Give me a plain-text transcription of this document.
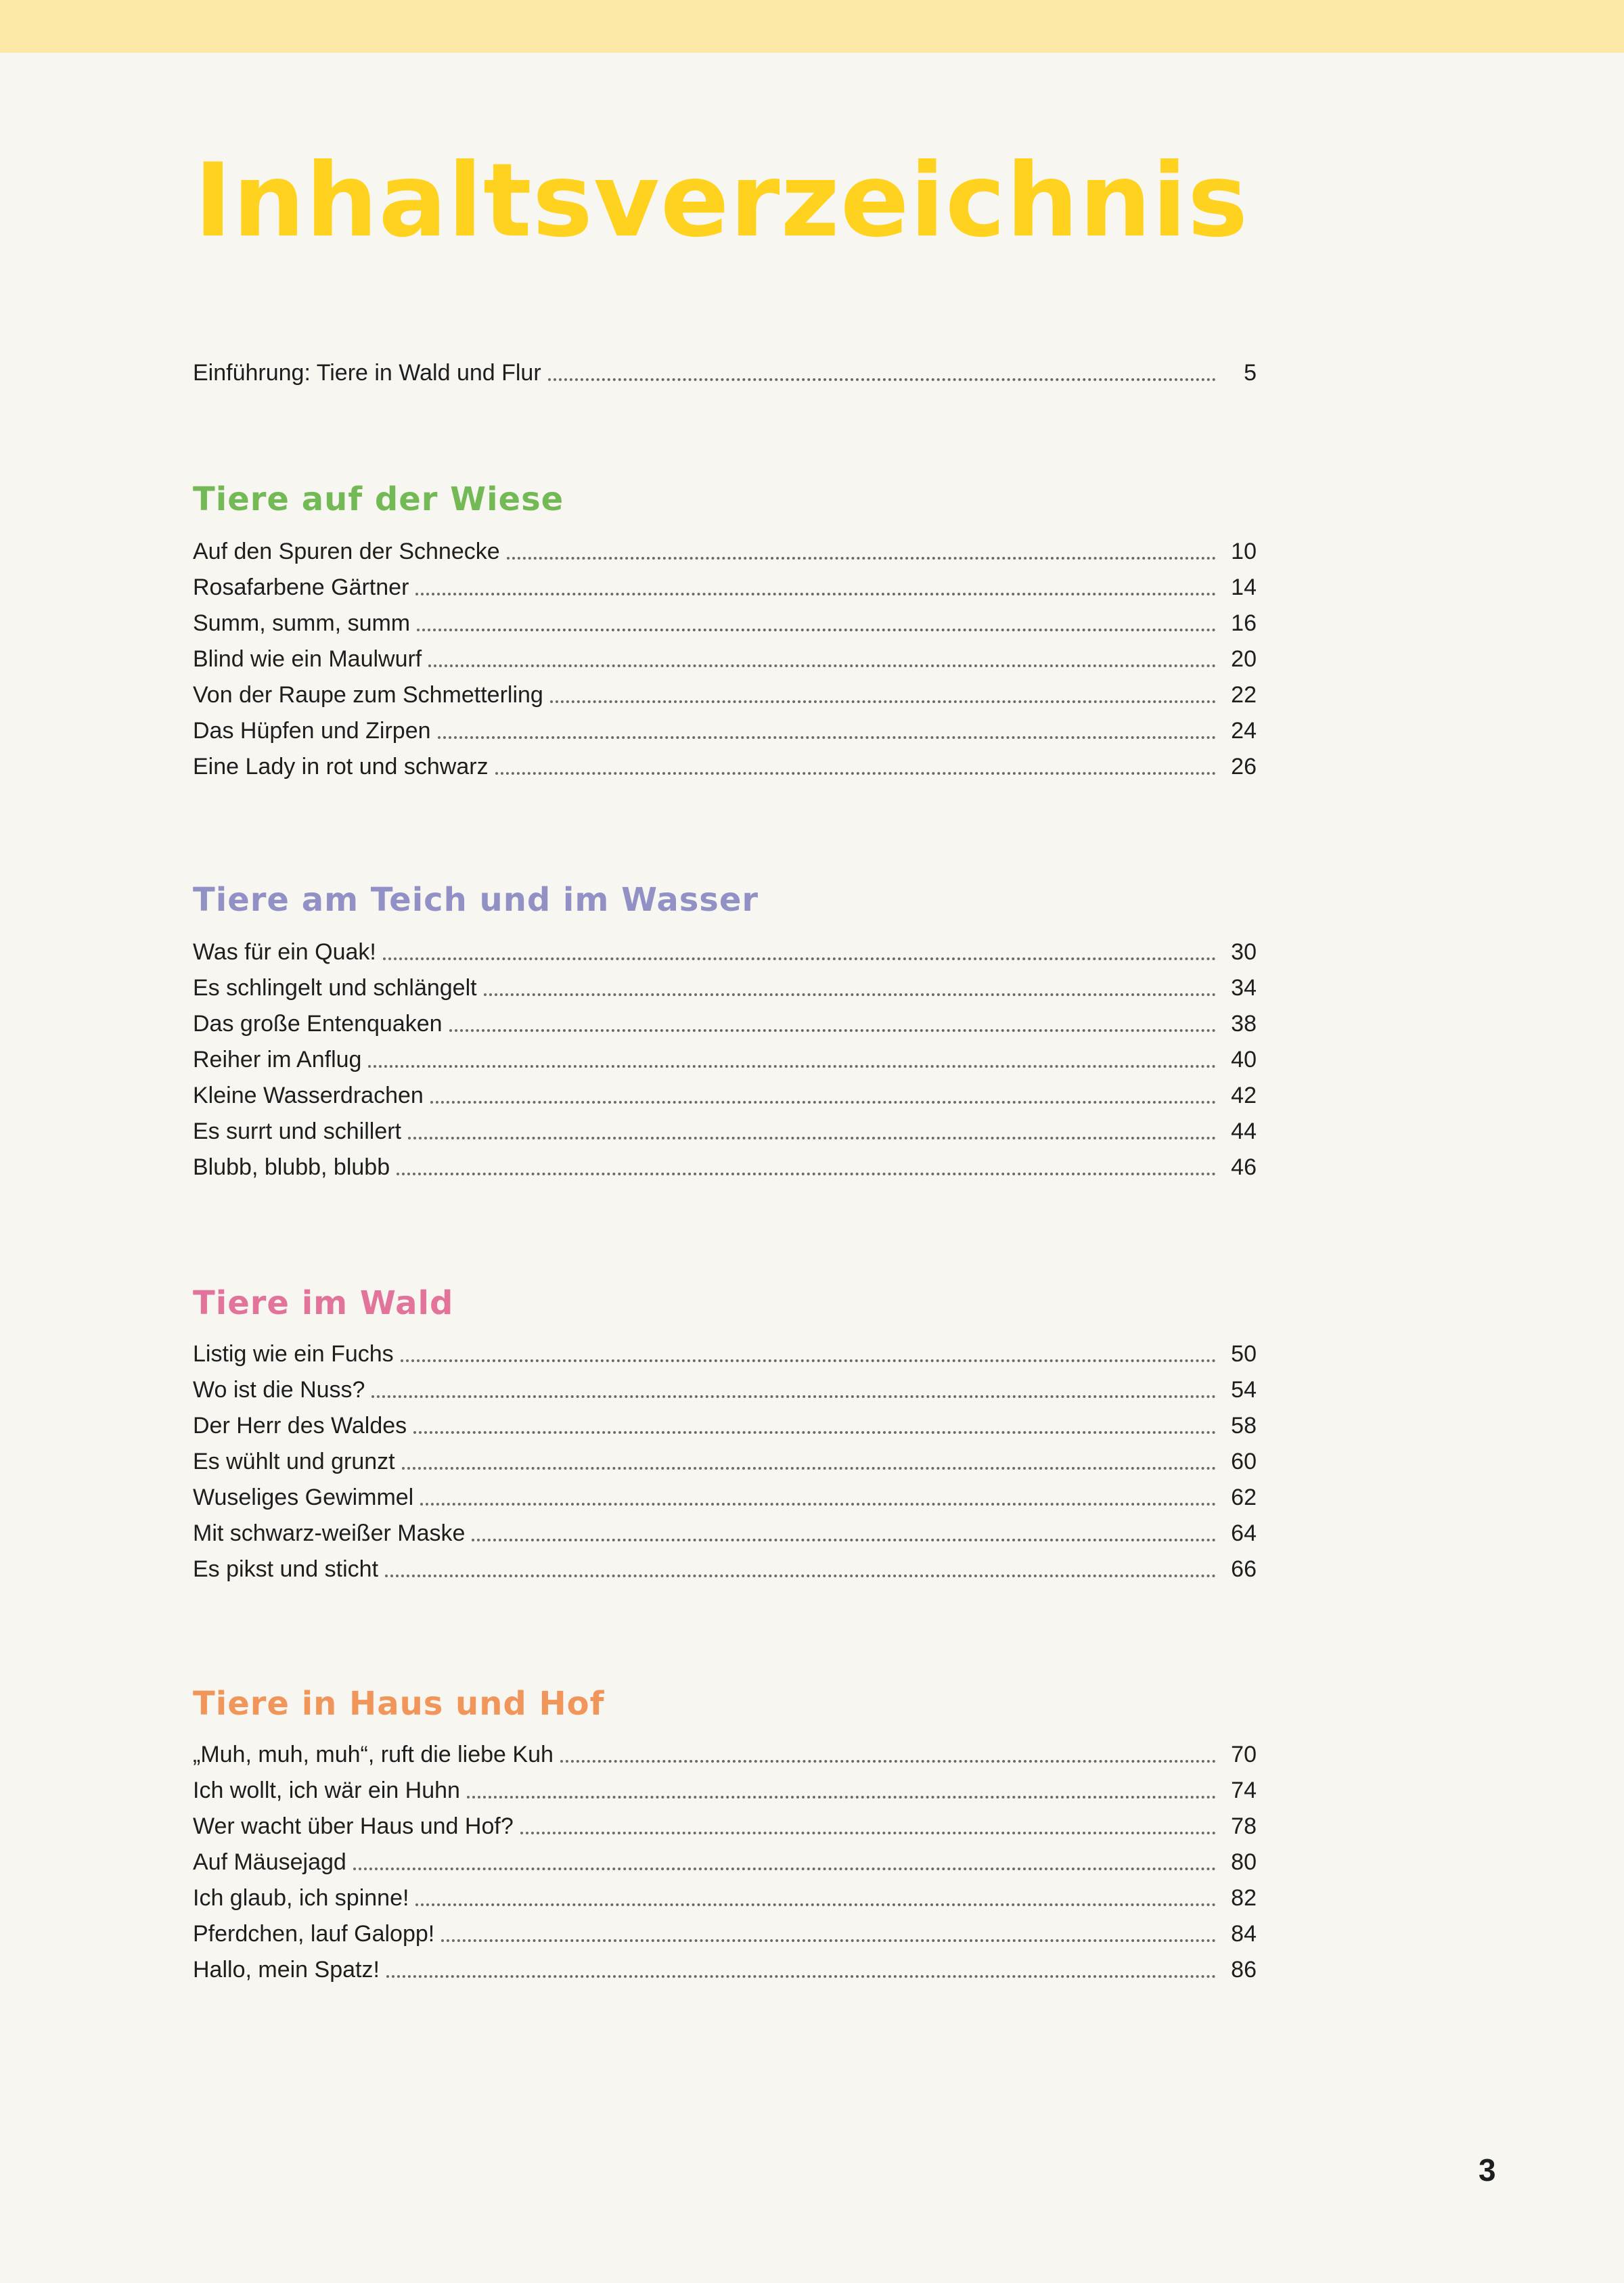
Inhaltsverzeichnis
Einführung: Tiere in Wald und Flur	5
Tiere auf der Wiese
Auf den Spuren der Schnecke	10
Rosafarbene Gärtner	14
Summ, summ, summ	16
Blind wie ein Maulwurf	20
Von der Raupe zum Schmetterling	22
Das Hüpfen und Zirpen	24
Eine Lady in rot und schwarz	26
Tiere am Teich und im Wasser
Was für ein Quak!	30
Es schlingelt und schlängelt	34
Das große Entenquaken	38
Reiher im Anflug	40
Kleine Wasserdrachen	42
Es surrt und schillert	44
Blubb, blubb, blubb	46
Tiere im Wald
Listig wie ein Fuchs	50
Wo ist die Nuss?	54
Der Herr des Waldes	58
Es wühlt und grunzt	60
Wuseliges Gewimmel	62
Mit schwarz-weißer Maske	64
Es pikst und sticht	66
Tiere in Haus und Hof
„Muh, muh, muh“, ruft die liebe Kuh	70
Ich wollt, ich wär ein Huhn	74
Wer wacht über Haus und Hof?	78
Auf Mäusejagd	80
Ich glaub, ich spinne!	82
Pferdchen, lauf Galopp!	84
Hallo, mein Spatz!	86
3
